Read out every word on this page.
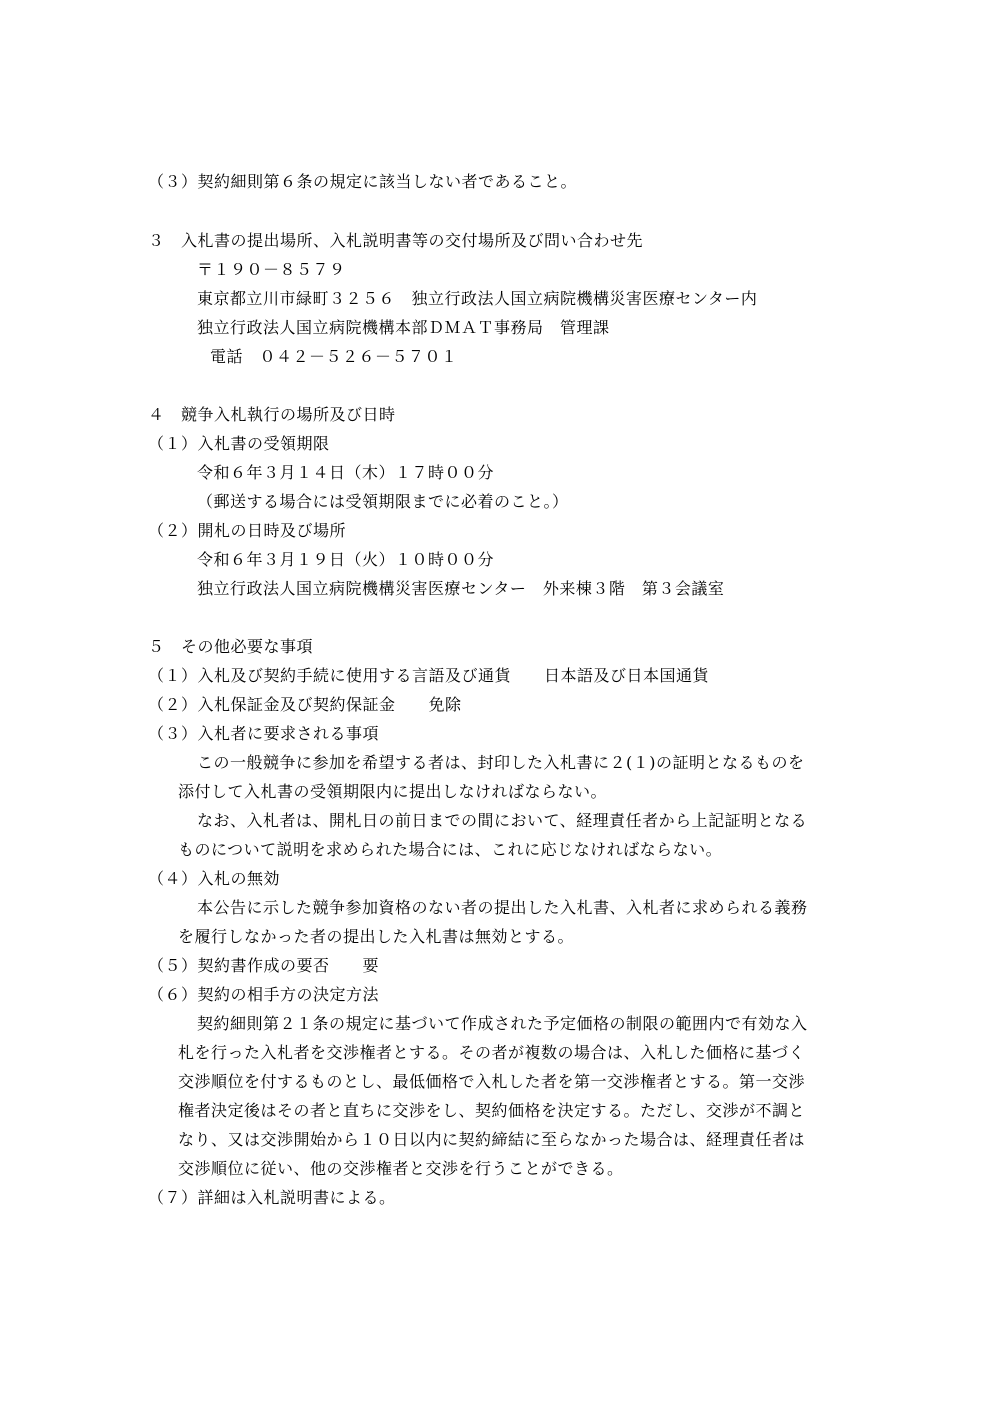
（３）契約細則第６条の規定に該当しない者であること。
３　入札書の提出場所、入札説明書等の交付場所及び問い合わせ先
〒１９０－８５７９
東京都立川市緑町３２５６　独立行政法人国立病院機構災害医療センター内
独立行政法人国立病院機構本部ＤＭＡＴ事務局　管理課
電話　０４２－５２６－５７０１
４　競争入札執行の場所及び日時
（１）入札書の受領期限
令和６年３月１４日（木）１７時００分
（郵送する場合には受領期限までに必着のこと。）
（２）開札の日時及び場所
令和６年３月１９日（火）１０時００分
独立行政法人国立病院機構災害医療センター　外来棟３階　第３会議室
５　その他必要な事項
（１）入札及び契約手続に使用する言語及び通貨　　日本語及び日本国通貨
（２）入札保証金及び契約保証金　　免除
（３）入札者に要求される事項
この一般競争に参加を希望する者は、封印した入札書に２(１)の証明となるものを
添付して入札書の受領期限内に提出しなければならない。
なお、入札者は、開札日の前日までの間において、経理責任者から上記証明となる
ものについて説明を求められた場合には、これに応じなければならない。
（４）入札の無効
本公告に示した競争参加資格のない者の提出した入札書、入札者に求められる義務
を履行しなかった者の提出した入札書は無効とする。
（５）契約書作成の要否　　要
（６）契約の相手方の決定方法
契約細則第２１条の規定に基づいて作成された予定価格の制限の範囲内で有効な入
札を行った入札者を交渉権者とする。その者が複数の場合は、入札した価格に基づく
交渉順位を付するものとし、最低価格で入札した者を第一交渉権者とする。第一交渉
権者決定後はその者と直ちに交渉をし、契約価格を決定する。ただし、交渉が不調と
なり、又は交渉開始から１０日以内に契約締結に至らなかった場合は、経理責任者は
交渉順位に従い、他の交渉権者と交渉を行うことができる。
（７）詳細は入札説明書による。
